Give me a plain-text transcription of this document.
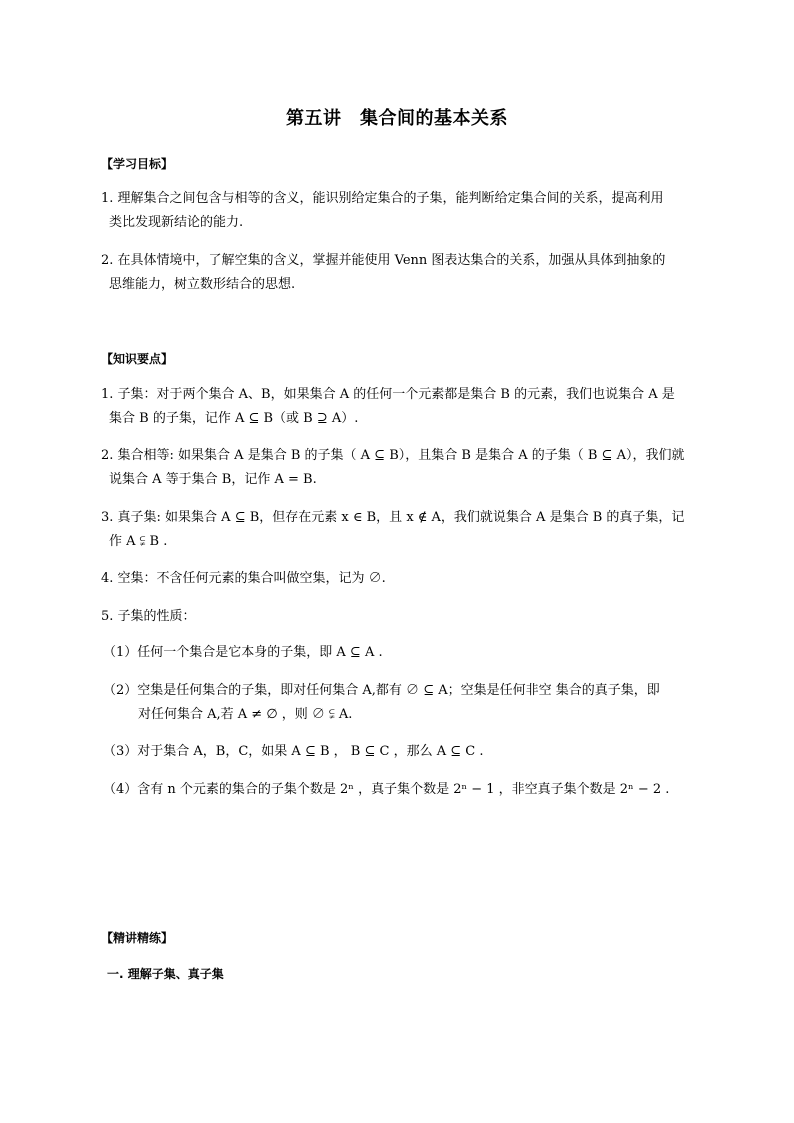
第五讲　集合间的基本关系
【学习目标】
1. 理解集合之间包含与相等的含义，能识别给定集合的子集，能判断给定集合间的关系，提高利用
类比发现新结论的能力.
2. 在具体情境中，了解空集的含义，掌握并能使用 Venn 图表达集合的关系，加强从具体到抽象的
思维能力，树立数形结合的思想.
【知识要点】
1. 子集：对于两个集合 A、B，如果集合 A 的任何一个元素都是集合 B 的元素，我们也说集合 A 是
集合 B 的子集，记作 A ⊆ B（或 B ⊇ A）.
2. 集合相等: 如果集合 A 是集合 B 的子集（ A ⊆ B），且集合 B 是集合 A 的子集（ B ⊆ A），我们就
说集合 A 等于集合 B，记作 A = B.
3. 真子集: 如果集合 A ⊆ B，但存在元素 x ∈ B，且 x ∉ A，我们就说集合 A 是集合 B 的真子集，记
作 A ⫋ B .
4. 空集：不含任何元素的集合叫做空集，记为 ∅.
5. 子集的性质：
（1）任何一个集合是它本身的子集，即 A ⊆ A .
（2）空集是任何集合的子集，即对任何集合 A,都有 ∅ ⊆ A；空集是任何非空 集合的真子集，即
对任何集合 A,若 A ≠ ∅ ，则 ∅ ⫋ A.
（3）对于集合 A，B，C，如果 A ⊆ B ， B ⊆ C ，那么 A ⊆ C .
（4）含有 n 个元素的集合的子集个数是 2ⁿ ，真子集个数是 2ⁿ − 1 ，非空真子集个数是 2ⁿ − 2 .
【精讲精练】
一. 理解子集、真子集
